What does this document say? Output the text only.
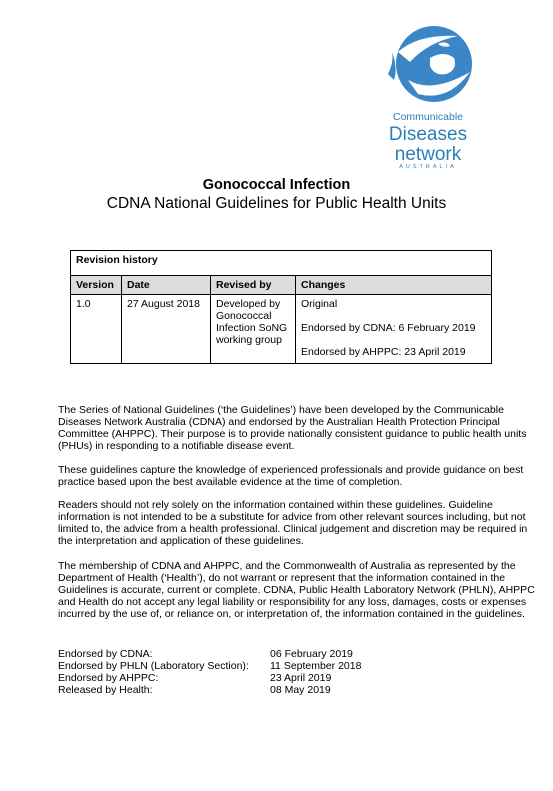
Communicable
Diseases
network
AUSTRALIA
Gonococcal Infection
CDNA National Guidelines for Public Health Units
Revision history			
Version	Date	Revised by	Changes
1.0	27 August 2018	Developed by Gonococcal Infection SoNG working group	Original

Endorsed by CDNA: 6 February 2019

Endorsed by AHPPC: 23 April 2019

The Series of National Guidelines (‘the Guidelines’) have been developed by the Communicable Diseases Network Australia (CDNA) and endorsed by the Australian Health Protection Principal Committee (AHPPC). Their purpose is to provide nationally consistent guidance to public health units (PHUs) in responding to a notifiable disease event.

These guidelines capture the knowledge of experienced professionals and provide guidance on best practice based upon the best available evidence at the time of completion.

Readers should not rely solely on the information contained within these guidelines. Guideline information is not intended to be a substitute for advice from other relevant sources including, but not limited to, the advice from a health professional. Clinical judgement and discretion may be required in the interpretation and application of these guidelines.

The membership of CDNA and AHPPC, and the Commonwealth of Australia as represented by the Department of Health (‘Health’), do not warrant or represent that the information contained in the Guidelines is accurate, current or complete. CDNA, Public Health Laboratory Network (PHLN), AHPPC and Health do not accept any legal liability or responsibility for any loss, damages, costs or expenses incurred by the use of, or reliance on, or interpretation of, the information contained in the guidelines.

Endorsed by CDNA:	06 February 2019
Endorsed by PHLN (Laboratory Section):	11 September 2018
Endorsed by AHPPC:	23 April 2019
Released by Health:	08 May 2019
